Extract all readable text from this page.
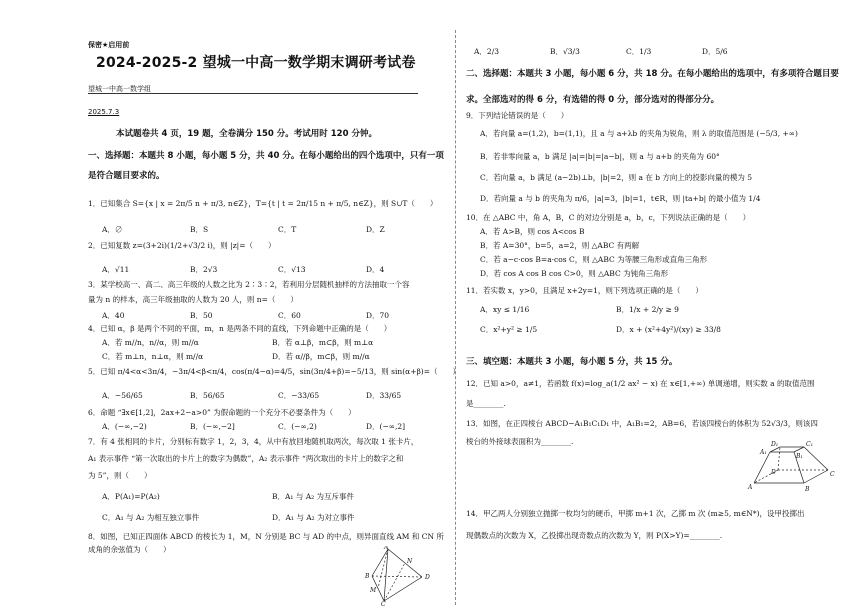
保密★启用前
2024-2025-2 望城一中高一数学期末调研考试卷
望城一中高一数学组
2025.7.3
本试题卷共 4 页，19 题，全卷满分 150 分。考试用时 120 分钟。
一、选择题：本题共 8 小题，每小题 5 分，共 40 分。在每小题给出的四个选项中，只有一项
是符合题目要求的。
1．已知集合 S={x | x = 2π/5 n + π/3, n∈Z}，T={t | t = 2π/15 n + π/5, n∈Z}，则 S∪T（　　）
A．∅	B．S	C．T	D．Z
2．已知复数 z=(3+2i)(1/2+√3/2 i)，则 |z|=（　　）
A．√11	B．2√3	C．√13	D．4
3．某学校高一、高二、高三年级的人数之比为 2∶3∶2，若利用分层随机抽样的方法抽取一个容
量为 n 的样本，高三年级抽取的人数为 20 人，则 n=（　　）
A．40	B．50	C．60	D．70
4．已知 α，β 是两个不同的平面，m，n 是两条不同的直线，下列命题中正确的是（　　）
A．若 m//n，n//α，则 m//α	B．若 α⊥β，m⊂β，则 m⊥α
C．若 m⊥n，n⊥α，则 m//α	D．若 α//β，m⊂β，则 m//α
5．已知 π/4<α<3π/4，−3π/4<β<π/4，cos(π/4−α)=4/5，sin(3π/4+β)=−5/13，则 sin(α+β)=（　　）
A．−56/65	B．56/65	C．−33/65	D．33/65
6．命题 “∃x∈[1,2]，2ax+2−a>0” 为假命题的一个充分不必要条件为（　　）
A．(−∞,−2)	B．(−∞,−2]	C．(−∞,2)	D．(−∞,2]
7．有 4 张相同的卡片，分别标有数字 1，2，3，4，从中有放回地随机取两次，每次取 1 张卡片，
A₁ 表示事件 “第一次取出的卡片上的数字为偶数”，A₂ 表示事件 “两次取出的卡片上的数字之和
为 5”，则（　　）
A．P(A₁)=P(A₂)	B．A₁ 与 A₂ 为互斥事件
C．A₁ 与 A₂ 为相互独立事件	D．A₁ 与 A₂ 为对立事件
8．如图，已知正四面体 ABCD 的棱长为 1，M，N 分别是 BC 与 AD 的中点，则异面直线 AM 和 CN 所
成角的余弦值为（　　）	A
B
C
D
M
N
A．2/3	B．√3/3	C．1/3	D．5/6
二、选择题：本题共 3 小题，每小题 6 分，共 18 分。在每小题给出的选项中，有多项符合题目要
求。全部选对的得 6 分，有选错的得 0 分，部分选对的得部分分。
9．下列结论错误的是（　　）
A．若向量 a=(1,2)，b=(1,1)，且 a 与 a+λb 的夹角为锐角，则 λ 的取值范围是 (−5/3, +∞)
B．若非零向量 a，b 满足 |a|=|b|=|a−b|，则 a 与 a+b 的夹角为 60°
C．若向量 a，b 满足 (a−2b)⊥b，|b|=2，则 a 在 b 方向上的投影向量的模为 5
D．若向量 a 与 b 的夹角为 π/6，|a|=3，|b|=1，t∈R，则 |ta+b| 的最小值为 1/4
10．在 △ABC 中，角 A，B，C 的对边分别是 a，b，c，下列说法正确的是（　　）
A．若 A>B，则 cos A<cos B
B．若 A=30°，b=5，a=2，则 △ABC 有两解
C．若 a−c·cos B=a·cos C，则 △ABC 为等腰三角形或直角三角形
D．若 cos A cos B cos C>0，则 △ABC 为钝角三角形
11．若实数 x，y>0，且满足 x+2y=1，则下列选项正确的是（　　）
A．xy ≤ 1/16	B．1/x + 2/y ≥ 9
C．x²+y² ≥ 1/5	D．x + (x²+4y²)/(xy) ≥ 33/8
三、填空题：本题共 3 小题，每小题 5 分，共 15 分。
12．已知 a>0，a≠1，若函数 f(x)=log_a(1/2 ax² − x) 在 x∈[1,+∞) 单调递增，则实数 a 的取值范围
是________.
13．如图，在正四棱台 ABCD−A₁B₁C₁D₁ 中，A₁B₁=2，AB=6，若该四棱台的体积为 52√3/3，则该四
棱台的外接球表面积为________.
A	B
C
D
A₁
B₁
C₁
D₁
14．甲乙两人分别独立抛掷一枚均匀的硬币，甲掷 m+1 次，乙掷 m 次 (m≥5, m∈N*)，设甲投掷出
现偶数点的次数为 X，乙投掷出现奇数点的次数为 Y，则 P(X>Y)=________.
